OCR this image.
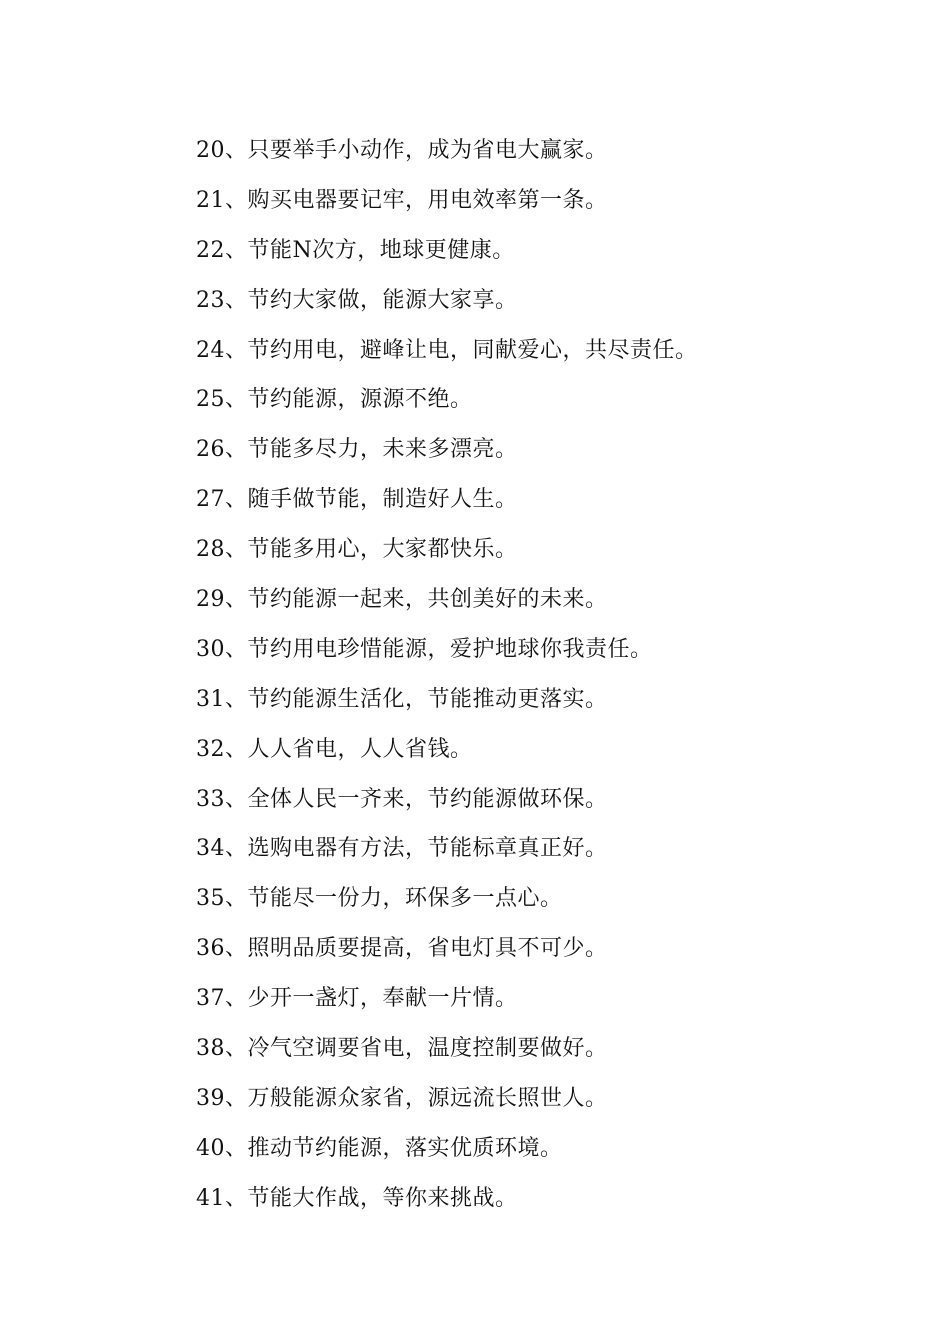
20、只要举手小动作，成为省电大赢家。
21、购买电器要记牢，用电效率第一条。
22、节能N次方，地球更健康。
23、节约大家做，能源大家享。
24、节约用电，避峰让电，同献爱心，共尽责任。
25、节约能源，源源不绝。
26、节能多尽力，未来多漂亮。
27、随手做节能，制造好人生。
28、节能多用心，大家都快乐。
29、节约能源一起来，共创美好的未来。
30、节约用电珍惜能源，爱护地球你我责任。
31、节约能源生活化，节能推动更落实。
32、人人省电，人人省钱。
33、全体人民一齐来，节约能源做环保。
34、选购电器有方法，节能标章真正好。
35、节能尽一份力，环保多一点心。
36、照明品质要提高，省电灯具不可少。
37、少开一盏灯，奉献一片情。
38、冷气空调要省电，温度控制要做好。
39、万般能源众家省，源远流长照世人。
40、推动节约能源，落实优质环境。
41、节能大作战，等你来挑战。
